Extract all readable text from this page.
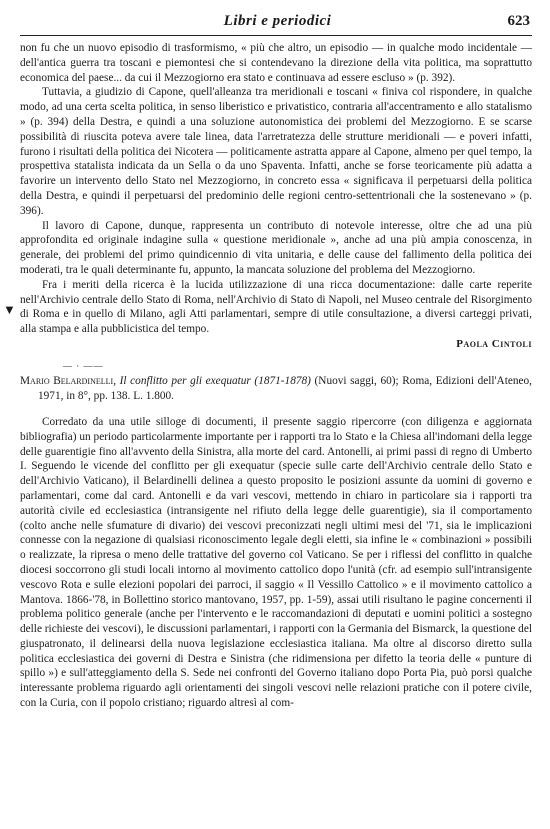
Libri e periodici	623
▼

non fu che un nuovo episodio di trasformismo, « più che altro, un episodio — in qualche modo incidentale — dell'antica guerra tra toscani e piemontesi che si contendevano la direzione della vita politica, ma soprattutto economica del paese... da cui il Mezzogiorno era stato e continuava ad essere escluso » (p. 392).

Tuttavia, a giudizio di Capone, quell'alleanza tra meridionali e toscani « finiva col rispondere, in qualche modo, ad una certa scelta politica, in senso liberistico e privatistico, contraria all'accentramento e allo statalismo » (p. 394) della Destra, e quindi a una soluzione autonomistica dei problemi del Mezzogiorno. E se scarse possibilità di riuscita poteva avere tale linea, data l'arretratezza delle strutture meridionali — e poveri infatti, furono i risultati della politica dei Nicotera — politicamente astratta appare al Capone, almeno per quel tempo, la prospettiva statalista indicata da un Sella o da uno Spaventa. Infatti, anche se forse teoricamente più adatta a favorire un intervento dello Stato nel Mezzogiorno, in concreto essa « significava il perpetuarsi della politica della Destra, e quindi il perpetuarsi del predominio delle regioni centro-settentrionali che la sostenevano » (p. 396).

Il lavoro di Capone, dunque, rappresenta un contributo di notevole interesse, oltre che ad una più approfondita ed originale indagine sulla « questione meridionale », anche ad una più ampia conoscenza, in generale, dei problemi del primo quindicennio di vita unitaria, e delle cause del fallimento della politica dei moderati, tra le quali determinante fu, appunto, la mancata soluzione del problema del Mezzogiorno.

Fra i meriti della ricerca è la lucida utilizzazione di una ricca documentazione: dalle carte reperite nell'Archivio centrale dello Stato di Roma, nell'Archivio di Stato di Napoli, nel Museo centrale del Risorgimento di Roma e in quello di Milano, agli Atti parlamentari, sempre di utile consultazione, a diversi carteggi privati, alla stampa e alla pubblicistica del tempo.

Paola Cintoli
— · ——

Mario Belardinelli, Il conflitto per gli exequatur (1871-1878) (Nuovi saggi, 60); Roma, Edizioni dell'Ateneo, 1971, in 8°, pp. 138. L. 1.800.

Corredato da una utile silloge di documenti, il presente saggio ripercorre (con diligenza e aggiornata bibliografia) un periodo particolarmente importante per i rapporti tra lo Stato e la Chiesa all'indomani della legge delle guarentigie fino all'avvento della Sinistra, alla morte del card. Antonelli, ai primi passi di regno di Umberto I. Seguendo le vicende del conflitto per gli exequatur (specie sulle carte dell'Archivio centrale dello Stato e dell'Archivio Vaticano), il Belardinelli delinea a questo proposito le posizioni assunte da uomini di governo e parlamentari, come dal card. Antonelli e da vari vescovi, mettendo in chiaro in particolare sia i rapporti tra autorità civile ed ecclesiastica (intransigente nel rifiuto della legge delle guarentigie), sia il comportamento (colto anche nelle sfumature di divario) dei vescovi preconizzati negli ultimi mesi del '71, sia le implicazioni connesse con la negazione di qualsiasi riconoscimento legale degli eletti, sia infine le « combinazioni » possibili o realizzate, la ripresa o meno delle trattative del governo col Vaticano. Se per i riflessi del conflitto in qualche diocesi soccorrono gli studi locali intorno al movimento cattolico dopo l'unità (cfr. ad esempio sull'intransigente vescovo Rota e sulle elezioni popolari dei parroci, il saggio « Il Vessillo Cattolico » e il movimento cattolico a Mantova. 1866-'78, in Bollettino storico mantovano, 1957, pp. 1-59), assai utili risultano le pagine concernenti il problema politico generale (anche per l'intervento e le raccomandazioni di deputati e uomini politici a sostegno delle richieste dei vescovi), le discussioni parlamentari, i rapporti con la Germania del Bismarck, la questione del giuspatronato, il delinearsi della nuova legislazione ecclesiastica italiana. Ma oltre al discorso diretto sulla politica ecclesiastica dei governi di Destra e Sinistra (che ridimensiona per difetto la teoria delle « punture di spillo ») e sull'atteggiamento della S. Sede nei confronti del Governo italiano dopo Porta Pia, può porsi qualche interessante problema riguardo agli orientamenti dei singoli vescovi nelle relazioni pratiche con il potere civile, con la Curia, con il popolo cristiano; riguardo altresì al com-
